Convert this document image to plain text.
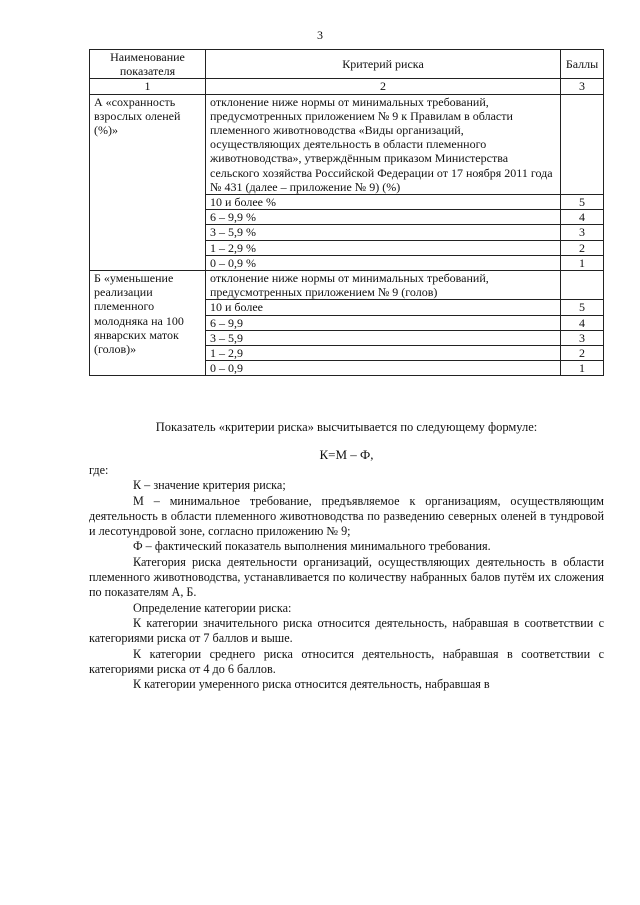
3
Наименование показателя	Критерий риска	Баллы
1	2	3
А «сохранность взрослых оленей (%)»	отклонение ниже нормы от минимальных требований, предусмотренных приложением № 9 к Правилам в области племенного животноводства «Виды организаций, осуществляющих деятельность в области племенного животноводства», утверждённым приказом Министерства сельского хозяйства Российской Федерации от 17 ноября 2011 года № 431 (далее – приложение № 9) (%)	
	10 и более %	5
	6 – 9,9 %	4
	3 – 5,9 %	3
	1 – 2,9 %	2
	0 – 0,9 %	1
Б «уменьшение реализации племенного молодняка на 100 январских маток (голов)»	отклонение ниже нормы от минимальных требований, предусмотренных приложением № 9 (голов)	
	10 и более	5
	6 – 9,9	4
	3 – 5,9	3
	1 – 2,9	2
	0 – 0,9	1
Показатель «критерии риска» высчитывается по следующему формуле:
К=М – Ф,

где:

К – значение критерия риска;

М – минимальное требование, предъявляемое к организациям, осуществляющим деятельность в области племенного животноводства по разведению северных оленей в тундровой и лесотундровой зоне, согласно приложению № 9;

Ф – фактический показатель выполнения минимального требования.

Категория риска деятельности организаций, осуществляющих деятельность в области племенного животноводства, устанавливается по количеству набранных балов путём их сложения по показателям А, Б.

Определение категории риска:

К категории значительного риска относится деятельность, набравшая в соответствии с категориями риска от 7 баллов и выше.

К категории среднего риска относится деятельность, набравшая в соответствии с категориями риска от 4 до 6 баллов.

К категории умеренного риска относится деятельность, набравшая в
